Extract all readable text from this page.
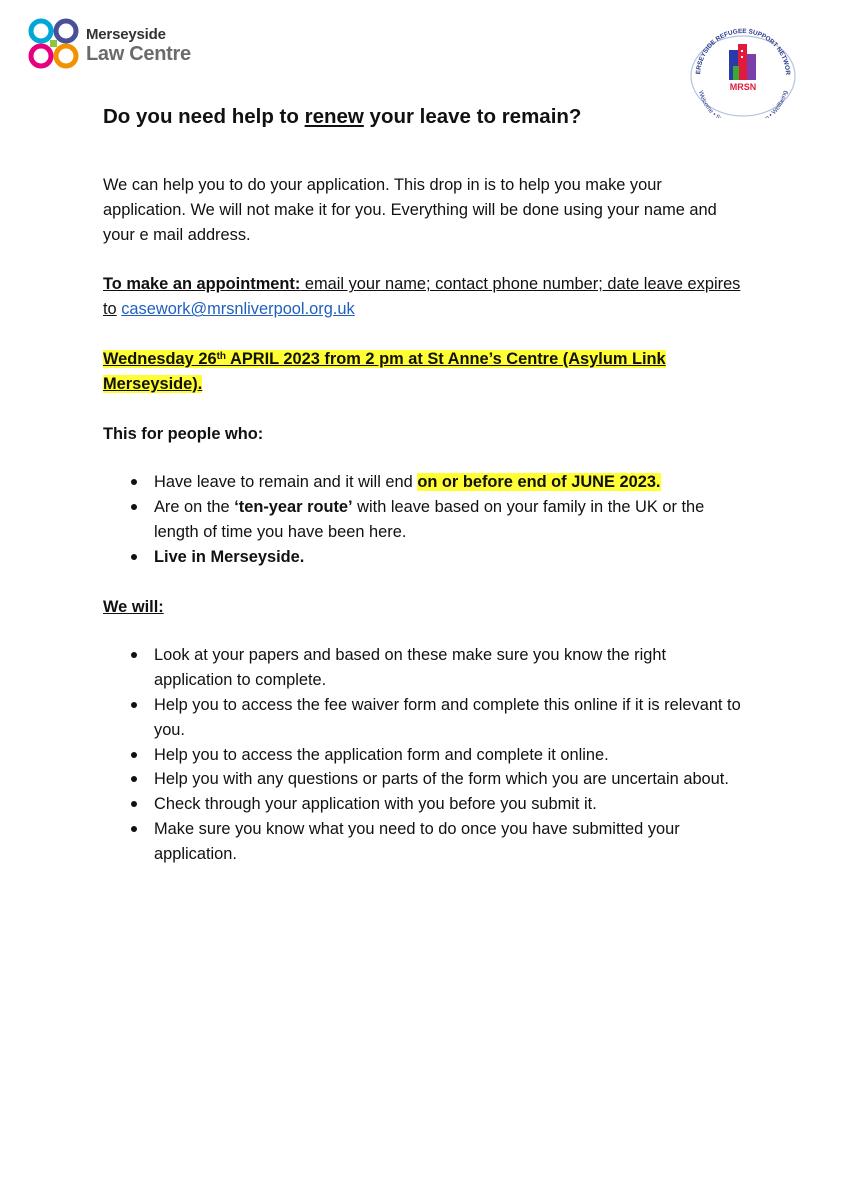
Merseyside
Law Centre
ERSEYSIDE REFUGEE SUPPORT NETWOR
Welcome • S n • Wellbeing
MRSN
Do you need help to renew your leave to remain?

We can help you to do your application. This drop in is to help you make your application. We will not make it for you. Everything will be done using your name and your e mail address.

To make an appointment: email your name; contact phone number; date leave expires to casework@mrsnliverpool.org.uk

Wednesday 26th APRIL 2023 from 2 pm at St Anne’s Centre (Asylum Link
Merseyside).

This for people who:

Have leave to remain and it will end on or before end of JUNE 2023.
Are on the ‘ten-year route’ with leave based on your family in the UK or the length of time you have been here.
Live in Merseyside.

We will:

Look at your papers and based on these make sure you know the right application to complete.
Help you to access the fee waiver form and complete this online if it is relevant to you.
Help you to access the application form and complete it online.
Help you with any questions or parts of the form which you are uncertain about.
Check through your application with you before you submit it.
Make sure you know what you need to do once you have submitted your application.
